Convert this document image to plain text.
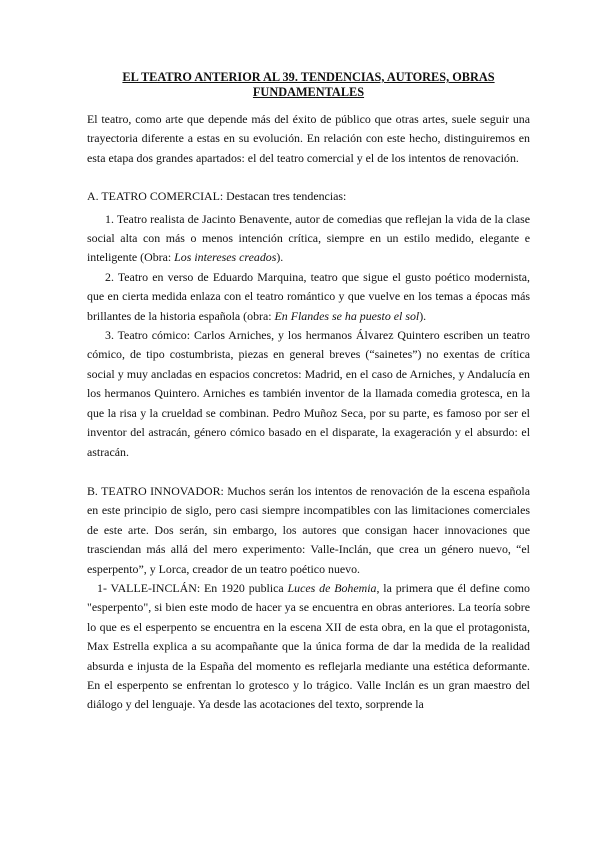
EL TEATRO ANTERIOR AL 39. TENDENCIAS, AUTORES, OBRAS FUNDAMENTALES

El teatro, como arte que depende más del éxito de público que otras artes, suele seguir una trayectoria diferente a estas en su evolución. En relación con este hecho, distinguiremos en esta etapa dos grandes apartados: el del teatro comercial y el de los intentos de renovación.

A. TEATRO COMERCIAL: Destacan tres tendencias:

1. Teatro realista de Jacinto Benavente, autor de comedias que reflejan la vida de la clase social alta con más o menos intención crítica, siempre en un estilo medido, elegante e inteligente (Obra: Los intereses creados).

2. Teatro en verso de Eduardo Marquina, teatro que sigue el gusto poético modernista, que en cierta medida enlaza con el teatro romántico y que vuelve en los temas a épocas más brillantes de la historia española (obra: En Flandes se ha puesto el sol).

3. Teatro cómico: Carlos Arniches, y los hermanos Álvarez Quintero escriben un teatro cómico, de tipo costumbrista, piezas en general breves (“sainetes”) no exentas de crítica social y muy ancladas en espacios concretos: Madrid, en el caso de Arniches, y Andalucía en los hermanos Quintero. Arniches es también inventor de la llamada comedia grotesca, en la que la risa y la crueldad se combinan. Pedro Muñoz Seca, por su parte, es famoso por ser el inventor del astracán, género cómico basado en el disparate, la exageración y el absurdo: el astracán.

B. TEATRO INNOVADOR: Muchos serán los intentos de renovación de la escena española en este principio de siglo, pero casi siempre incompatibles con las limitaciones comerciales de este arte. Dos serán, sin embargo, los autores que consigan hacer innovaciones que trasciendan más allá del mero experimento: Valle-Inclán, que crea un género nuevo, “el esperpento”, y Lorca, creador de un teatro poético nuevo.

1- VALLE-INCLÁN: En 1920 publica Luces de Bohemia, la primera que él define como "esperpento", si bien este modo de hacer ya se encuentra en obras anteriores. La teoría sobre lo que es el esperpento se encuentra en la escena XII de esta obra, en la que el protagonista, Max Estrella explica a su acompañante que la única forma de dar la medida de la realidad absurda e injusta de la España del momento es reflejarla mediante una estética deformante. En el esperpento se enfrentan lo grotesco y lo trágico. Valle Inclán es un gran maestro del diálogo y del lenguaje. Ya desde las acotaciones del texto, sorprende la
